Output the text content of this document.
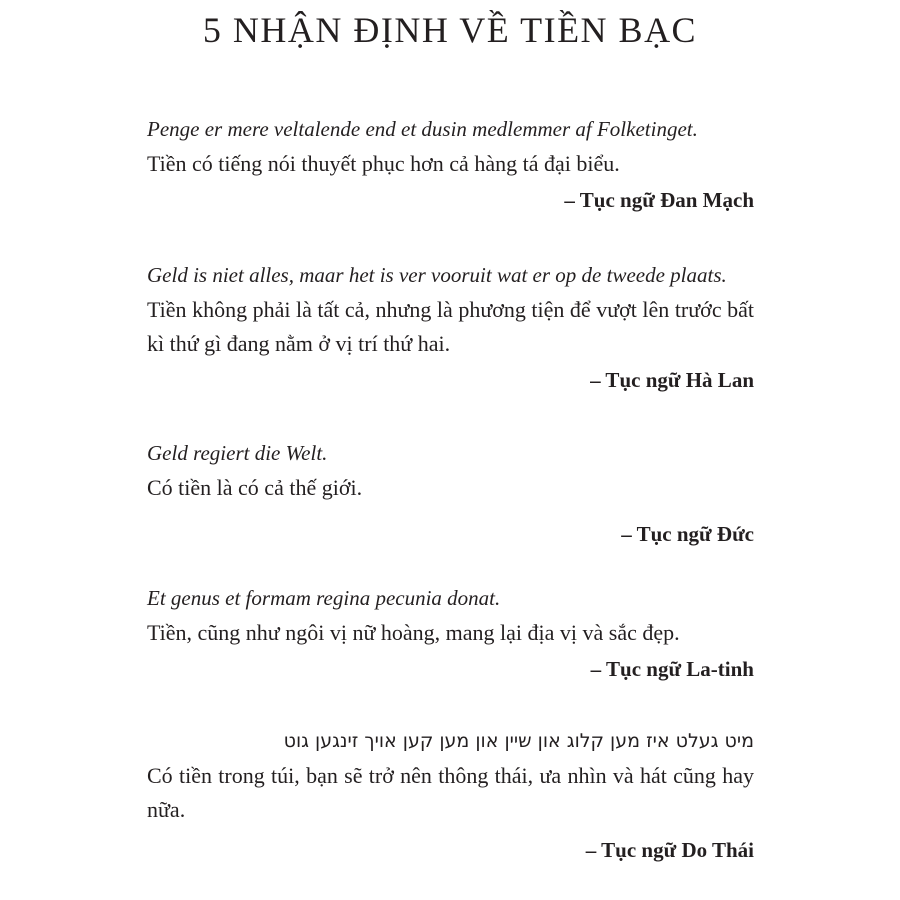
5 NHẬN ĐỊNH VỀ TIỀN BẠC

Penge er mere veltalende end et dusin medlemmer af Folketinget.

Tiền có tiếng nói thuyết phục hơn cả hàng tá đại biểu.

– Tục ngữ Đan Mạch

Geld is niet alles, maar het is ver vooruit wat er op de tweede plaats.

Tiền không phải là tất cả, nhưng là phương tiện để vượt lên trước bất kì thứ gì đang nằm ở vị trí thứ hai.

– Tục ngữ Hà Lan

Geld regiert die Welt.

Có tiền là có cả thế giới.

– Tục ngữ Đức

Et genus et formam regina pecunia donat.

Tiền, cũng như ngôi vị nữ hoàng, mang lại địa vị và sắc đẹp.

– Tục ngữ La-tinh

מיט געלט איז מען קלוג און שיין און מען קען אויך זינגען גוט

Có tiền trong túi, bạn sẽ trở nên thông thái, ưa nhìn và hát cũng hay nữa.

– Tục ngữ Do Thái
